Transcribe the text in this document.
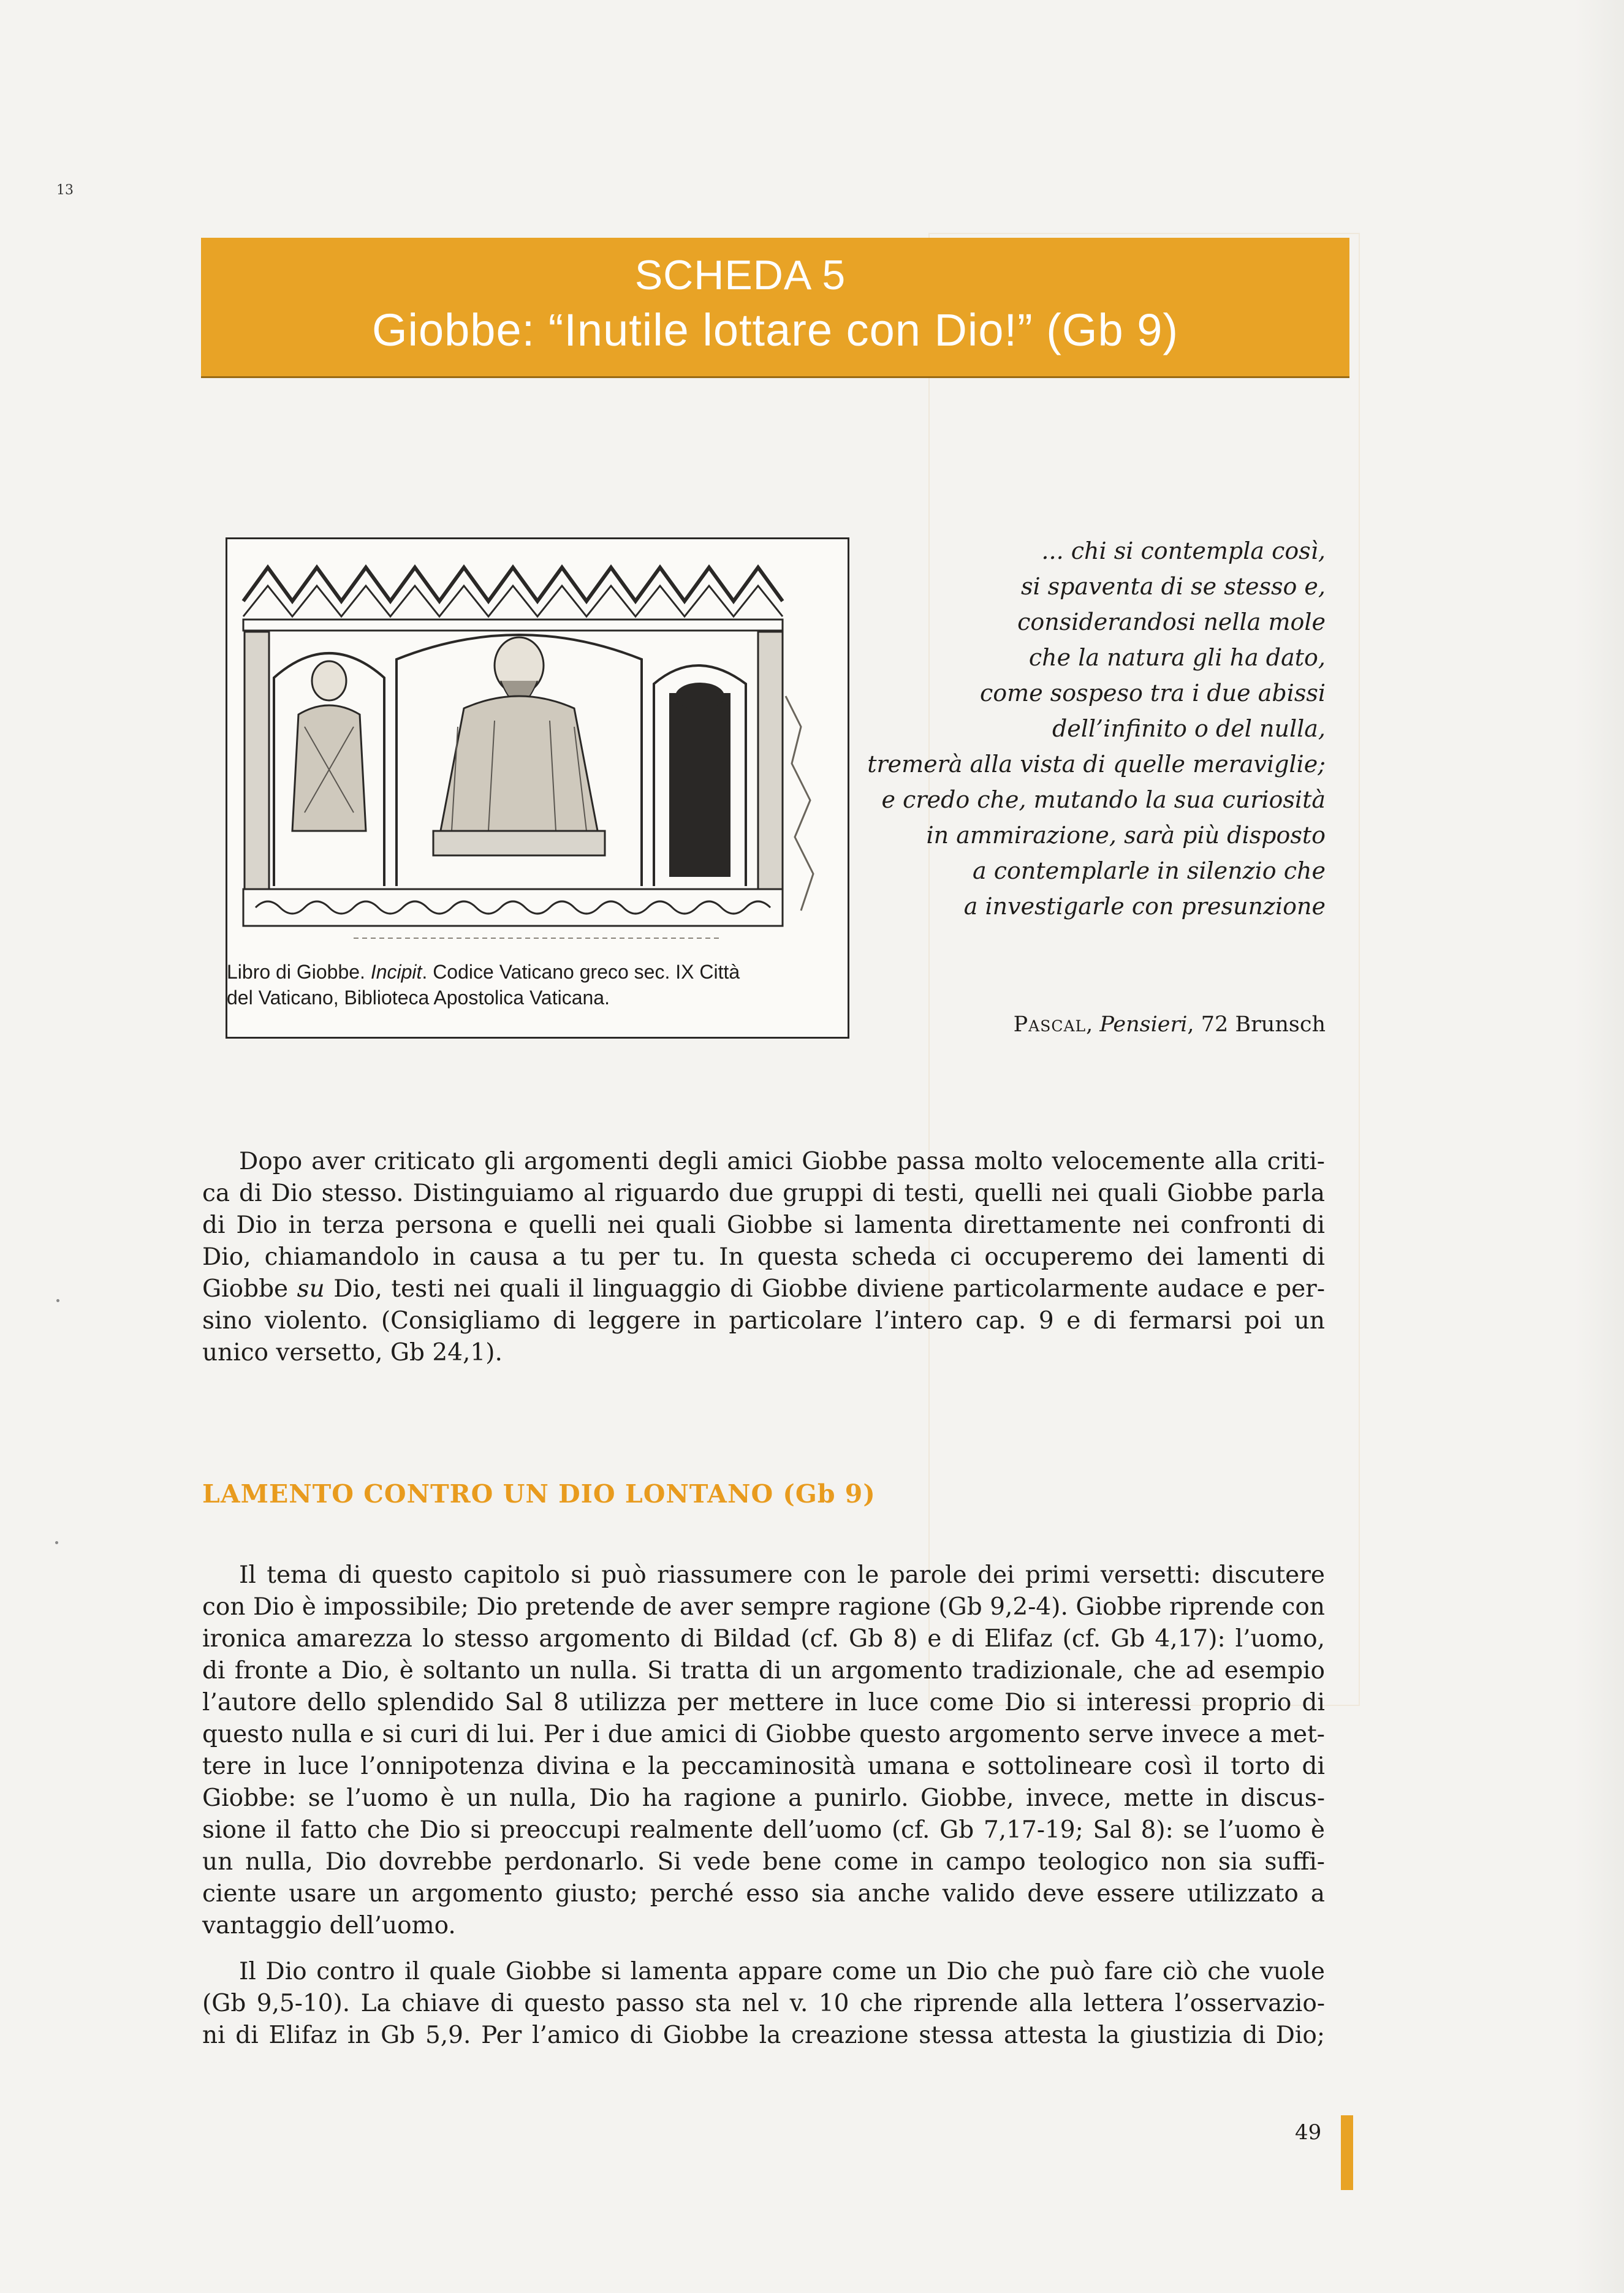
13
SCHEDA 5
Giobbe: “Inutile lottare con Dio!” (Gb 9)
Libro di Giobbe. Incipit. Codice Vaticano greco sec. IX Città
del Vaticano, Biblioteca Apostolica Vaticana.
... chi si contempla così,
si spaventa di se stesso e,
considerandosi nella mole
che la natura gli ha dato,
come sospeso tra i due abissi
dell’infinito o del nulla,
tremerà alla vista di quelle meraviglie;
e credo che, mutando la sua curiosità
in ammirazione, sarà più disposto
a contemplarle in silenzio che
a investigarle con presunzione
Pascal, Pensieri, 72 Brunsch
Dopo aver criticato gli argomenti degli amici Giobbe passa molto velocemente alla criti-
ca di Dio stesso. Distinguiamo al riguardo due gruppi di testi, quelli nei quali Giobbe parla
di Dio in terza persona e quelli nei quali Giobbe si lamenta direttamente nei confronti di
Dio, chiamandolo in causa a tu per tu. In questa scheda ci occuperemo dei lamenti di
Giobbe su Dio, testi nei quali il linguaggio di Giobbe diviene particolarmente audace e per-
sino violento. (Consigliamo di leggere in particolare l’intero cap. 9 e di fermarsi poi un
unico versetto, Gb 24,1).
LAMENTO CONTRO UN DIO LONTANO (Gb 9)
Il tema di questo capitolo si può riassumere con le parole dei primi versetti: discutere
con Dio è impossibile; Dio pretende de aver sempre ragione (Gb 9,2-4). Giobbe riprende con
ironica amarezza lo stesso argomento di Bildad (cf. Gb 8) e di Elifaz (cf. Gb 4,17): l’uomo,
di fronte a Dio, è soltanto un nulla. Si tratta di un argomento tradizionale, che ad esempio
l’autore dello splendido Sal 8 utilizza per mettere in luce come Dio si interessi proprio di
questo nulla e si curi di lui. Per i due amici di Giobbe questo argomento serve invece a met-
tere in luce l’onnipotenza divina e la peccaminosità umana e sottolineare così il torto di
Giobbe: se l’uomo è un nulla, Dio ha ragione a punirlo. Giobbe, invece, mette in discus-
sione il fatto che Dio si preoccupi realmente dell’uomo (cf. Gb 7,17-19; Sal 8): se l’uomo è
un nulla, Dio dovrebbe perdonarlo. Si vede bene come in campo teologico non sia suffi-
ciente usare un argomento giusto; perché esso sia anche valido deve essere utilizzato a
vantaggio dell’uomo.
Il Dio contro il quale Giobbe si lamenta appare come un Dio che può fare ciò che vuole
(Gb 9,5-10). La chiave di questo passo sta nel v. 10 che riprende alla lettera l’osservazio-
ni di Elifaz in Gb 5,9. Per l’amico di Giobbe la creazione stessa attesta la giustizia di Dio;
49
